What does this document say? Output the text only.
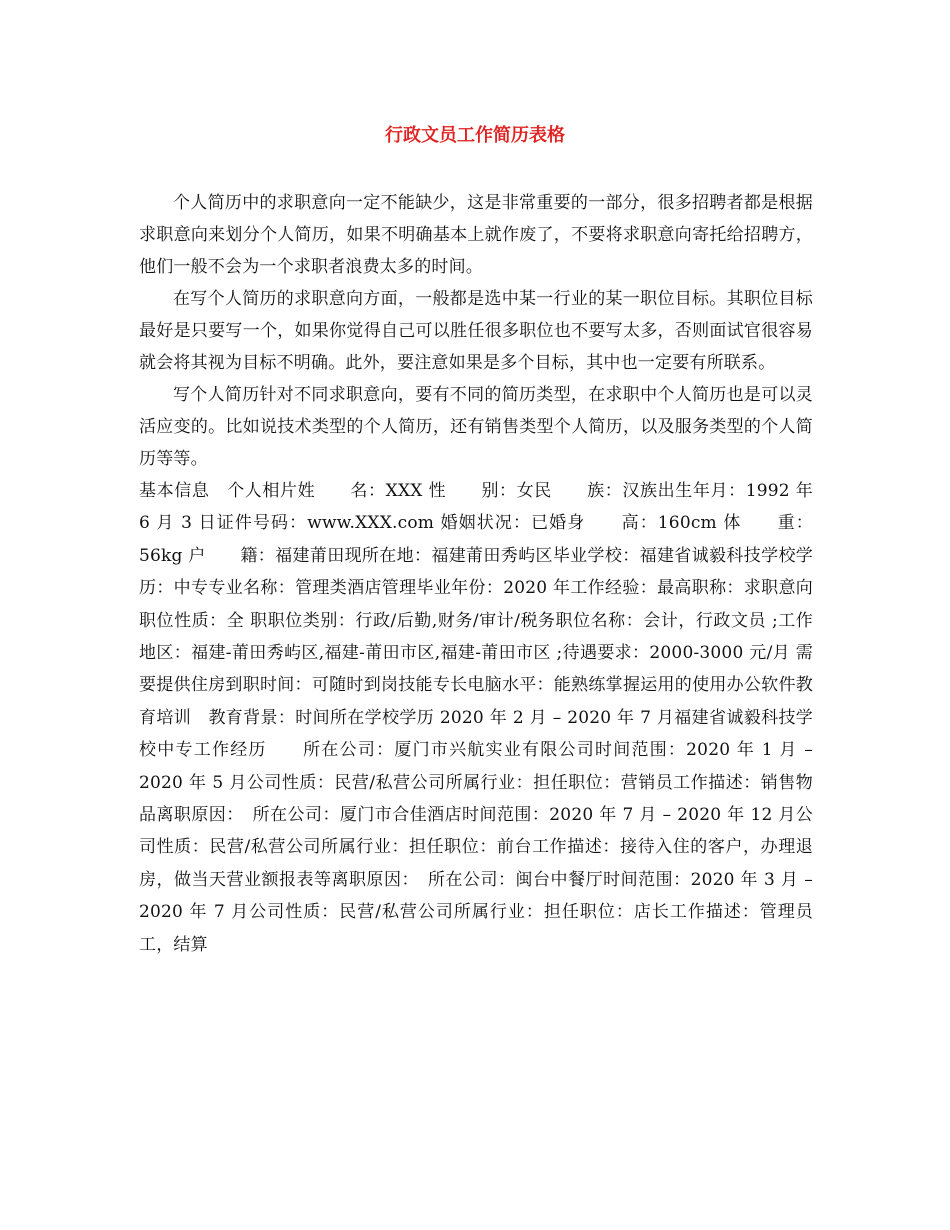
行政文员工作简历表格

个人简历中的求职意向一定不能缺少，这是非常重要的一部分，很多招聘者都是根据求职意向来划分个人简历，如果不明确基本上就作废了，不要将求职意向寄托给招聘方，他们一般不会为一个求职者浪费太多的时间。

在写个人简历的求职意向方面，一般都是选中某一行业的某一职位目标。其职位目标最好是只要写一个，如果你觉得自己可以胜任很多职位也不要写太多，否则面试官很容易就会将其视为目标不明确。此外，要注意如果是多个目标，其中也一定要有所联系。

写个人简历针对不同求职意向，要有不同的简历类型，在求职中个人简历也是可以灵活应变的。比如说技术类型的个人简历，还有销售类型个人简历，以及服务类型的个人简历等等。

基本信息　个人相片姓　　名：XXX 性　　别：女民　　族：汉族出生年月：1992 年 6 月 3 日证件号码：www.XXX.com 婚姻状况：已婚身　　高：160cm 体　　重：56kg 户　　籍：福建莆田现所在地：福建莆田秀屿区毕业学校：福建省诚毅科技学校学　　历：中专专业名称：管理类酒店管理毕业年份：2020 年工作经验：最高职称：求职意向　职位性质：全 职职位类别：行政/后勤,财务/审计/税务职位名称：会计，行政文员 ;工作地区：福建-莆田秀屿区,福建-莆田市区,福建-莆田市区 ;待遇要求：2000-3000 元/月 需要提供住房到职时间：可随时到岗技能专长电脑水平：能熟练掌握运用的使用办公软件教育培训　教育背景：时间所在学校学历 2020 年 2 月 – 2020 年 7 月福建省诚毅科技学校中专工作经历　　所在公司：厦门市兴航实业有限公司时间范围：2020 年 1 月 – 2020 年 5 月公司性质：民营/私营公司所属行业：担任职位：营销员工作描述：销售物品离职原因：　所在公司：厦门市合佳酒店时间范围：2020 年 7 月 – 2020 年 12 月公司性质：民营/私营公司所属行业：担任职位：前台工作描述：接待入住的客户，办理退房，做当天营业额报表等离职原因：　所在公司：闽台中餐厅时间范围：2020 年 3 月 – 2020 年 7 月公司性质：民营/私营公司所属行业：担任职位：店长工作描述：管理员工，结算
